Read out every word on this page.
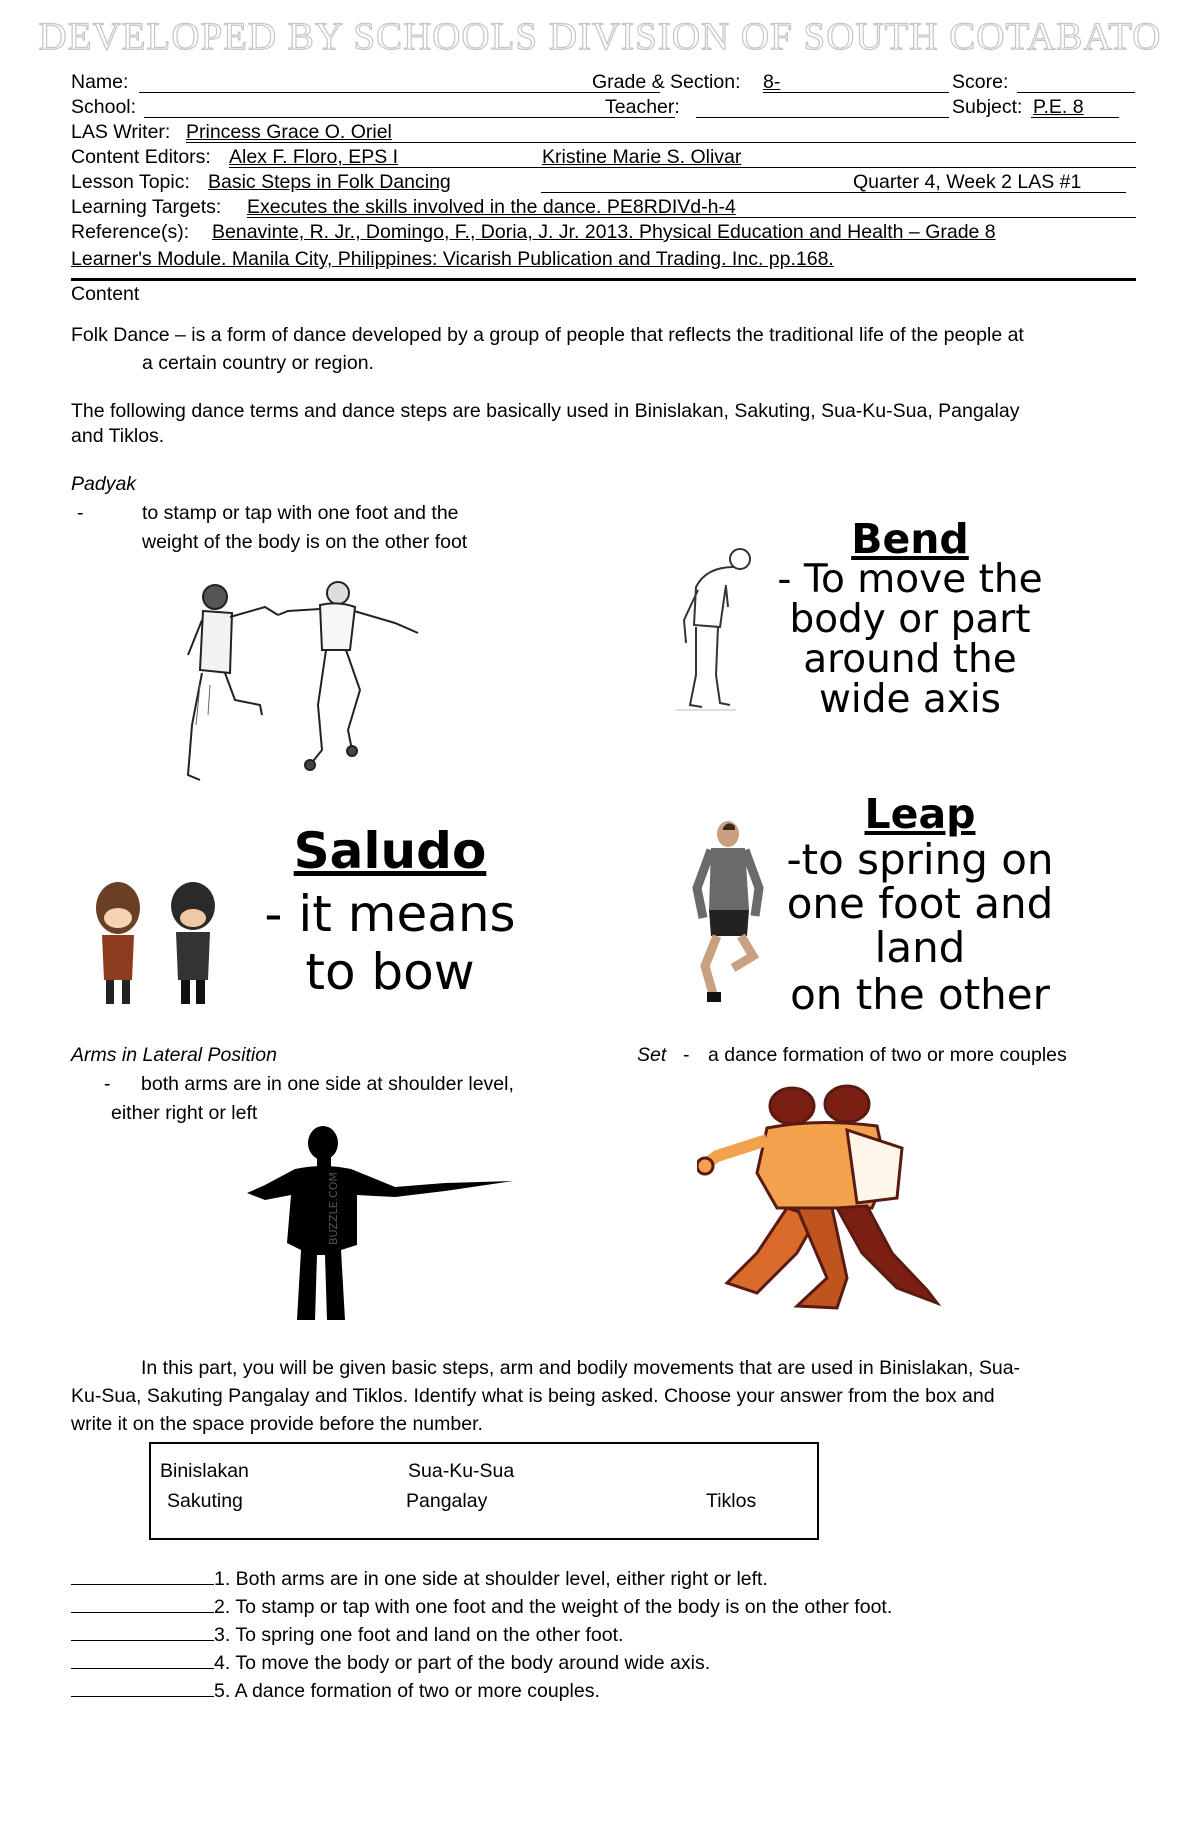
DEVELOPED BY SCHOOLS DIVISION OF SOUTH COTABATO
Name:	Grade & Section: 8-	Score:
School:	Teacher:	Subject: P.E. 8
LAS Writer: Princess Grace O. Oriel
Content Editors: Alex F. Floro, EPS I	Kristine Marie S. Olivar
Lesson Topic: Basic Steps in Folk Dancing	Quarter 4, Week 2 LAS #1
Learning Targets: Executes the skills involved in the dance. PE8RDIVd-h-4
Reference(s): Benavinte, R. Jr., Domingo, F., Doria, J. Jr. 2013. Physical Education and Health – Grade 8
Learner's Module. Manila City, Philippines: Vicarish Publication and Trading. Inc. pp.168.
Content
Folk Dance – is a form of dance developed by a group of people that reflects the traditional life of the people at
a certain country or region.
The following dance terms and dance steps are basically used in Binislakan, Sakuting, Sua-Ku-Sua, Pangalay
and Tiklos.
Padyak
-	to stamp or tap with one foot and the
weight of the body is on the other foot	Bend
- To move the
body or part
around the
wide axis
Saludo
- it means
to bow
Leap
-to spring on
one foot and
land
on the other
Arms in Lateral Position
- both arms are in one side at shoulder level,
either right or left
BUZZLE.COM
Set - a dance formation of two or more couples
In this part, you will be given basic steps, arm and bodily movements that are used in Binislakan, Sua-
Ku-Sua, Sakuting Pangalay and Tiklos. Identify what is being asked. Choose your answer from the box and
write it on the space provide before the number.
Binislakan	Sua-Ku-Sua
Sakuting	Pangalay	Tiklos
1. Both arms are in one side at shoulder level, either right or left.
2. To stamp or tap with one foot and the weight of the body is on the other foot.
3. To spring one foot and land on the other foot.
4. To move the body or part of the body around wide axis.
5. A dance formation of two or more couples.
